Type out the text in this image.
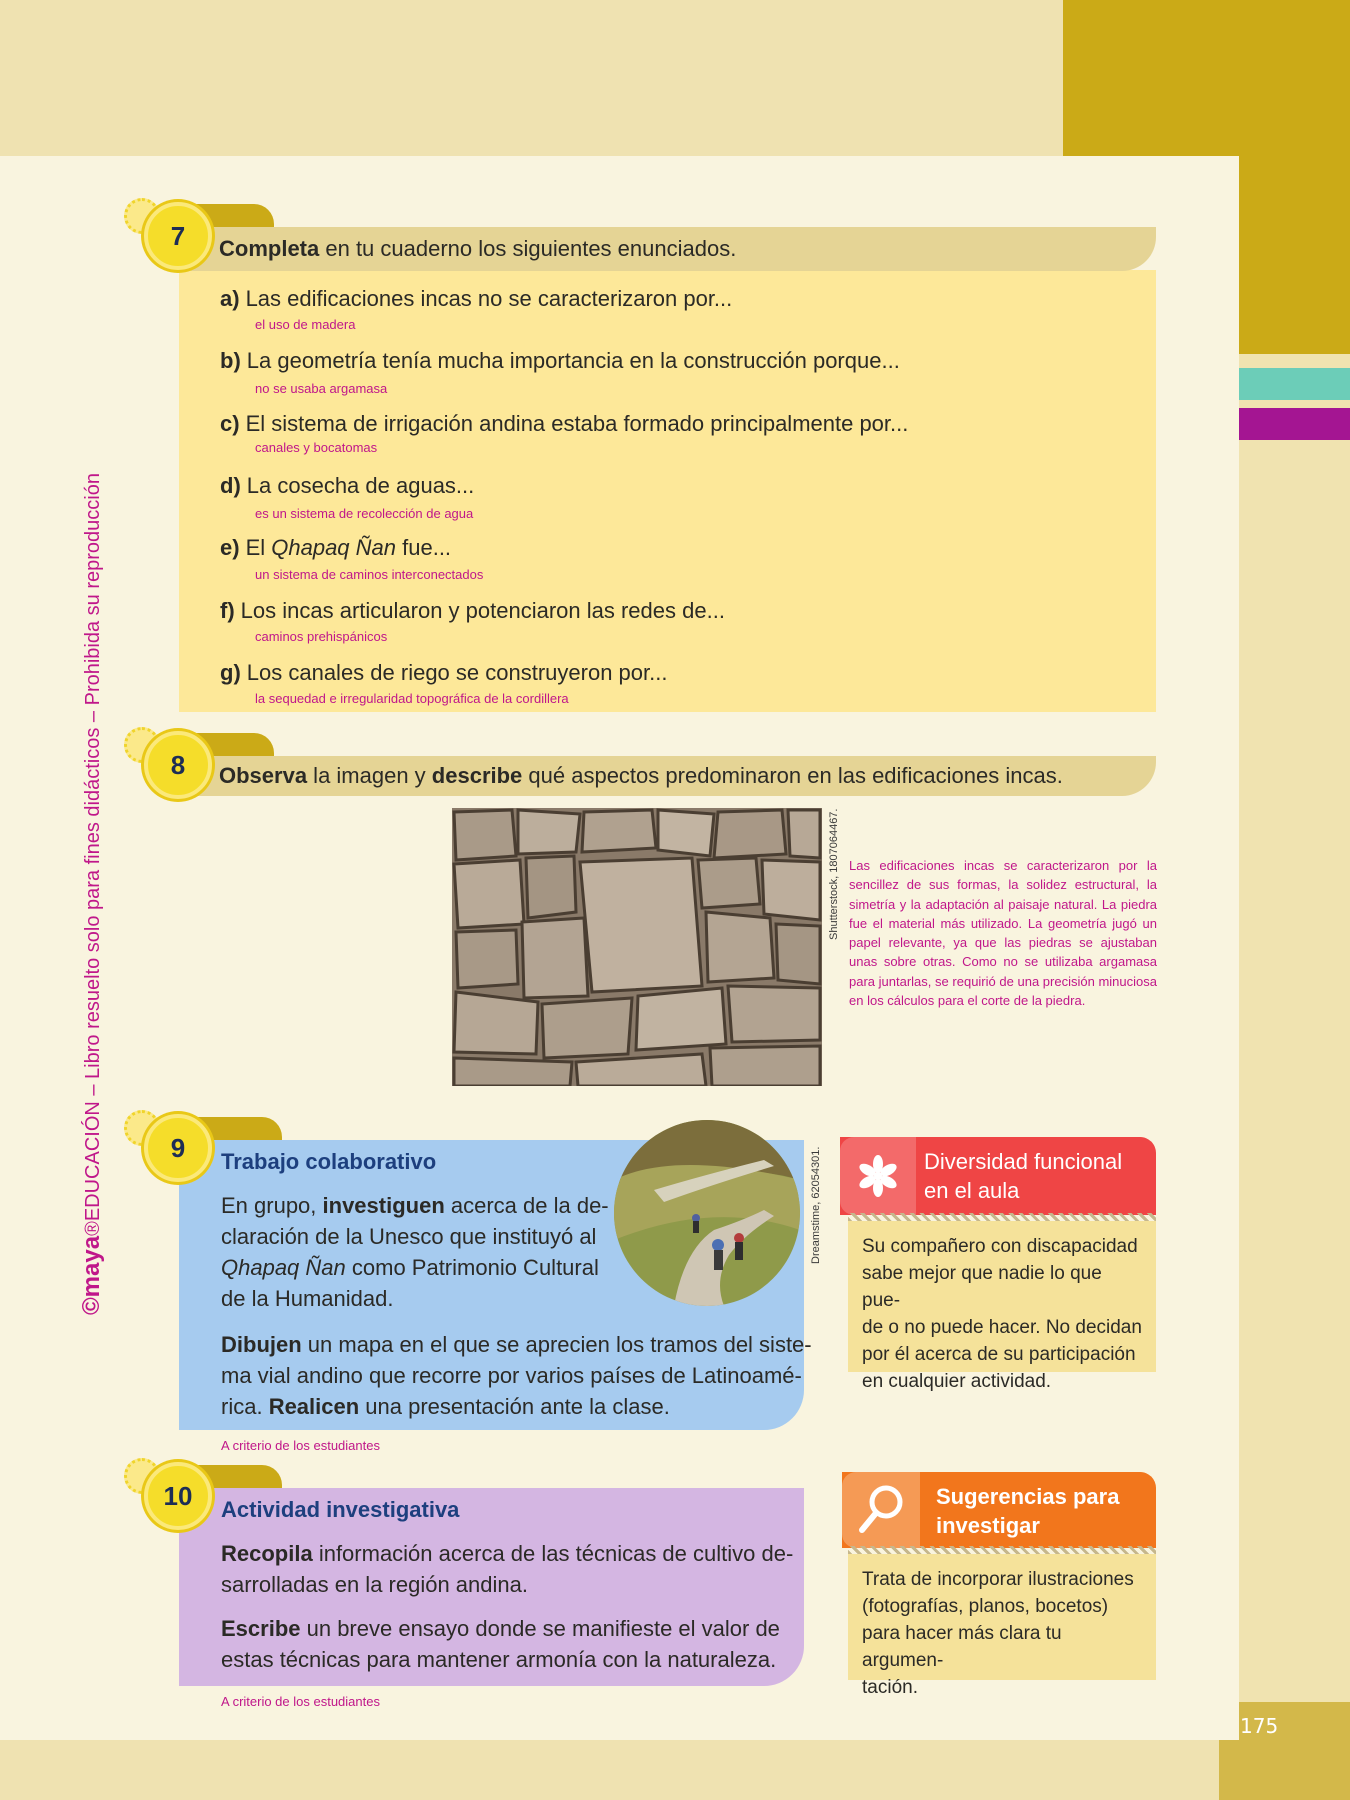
175
©maya®EDUCACIÓN – Libro resuelto solo para fines didácticos – Prohibida su reproducción
Completa en tu cuaderno los siguientes enunciados.
7
a) Las edificaciones incas no se caracterizaron por...
el uso de madera
b) La geometría tenía mucha importancia en la construcción porque...
no se usaba argamasa
c) El sistema de irrigación andina estaba formado principalmente por...
canales y bocatomas
d) La cosecha de aguas...
es un sistema de recolección de agua
e) El Qhapaq Ñan fue...
un sistema de caminos interconectados
f) Los incas articularon y potenciaron las redes de...
caminos prehispánicos
g) Los canales de riego se construyeron por...
la sequedad e irregularidad topográfica de la cordillera
Observa la imagen y describe qué aspectos predominaron en las edificaciones incas.
8
Shutterstock, 1807064467. Las edificaciones incas se caracterizaron por la sencillez de sus formas, la solidez estructural, la simetría y la adaptación al paisaje natural. La piedra fue el material más utilizado. La geometría jugó un papel relevante, ya que las piedras se ajustaban unas sobre otras. Como no se utilizaba argamasa para juntarlas, se requirió de una precisión minuciosa en los cálculos para el corte de la piedra.
9	Trabajo colaborativo
En grupo, investiguen acerca de la de-
claración de la Unesco que instituyó al
Qhapaq Ñan como Patrimonio Cultural
de la Humanidad.
Dibujen un mapa en el que se aprecien los tramos del siste-
ma vial andino que recorre por varios países de Latinoamé-
rica. Realicen una presentación ante la clase.
Dreamstime, 62054301.
A criterio de los estudiantes
Diversidad funcional
en el aula
Su compañero con discapacidad
sabe mejor que nadie lo que pue-
de o no puede hacer. No decidan
por él acerca de su participación
en cualquier actividad.
10	Actividad investigativa
Recopila información acerca de las técnicas de cultivo de-
sarrolladas en la región andina.
Escribe un breve ensayo donde se manifieste el valor de
estas técnicas para mantener armonía con la naturaleza.
A criterio de los estudiantes
Sugerencias para
investigar
Trata de incorporar ilustraciones
(fotografías, planos, bocetos)
para hacer más clara tu argumen-
tación.
